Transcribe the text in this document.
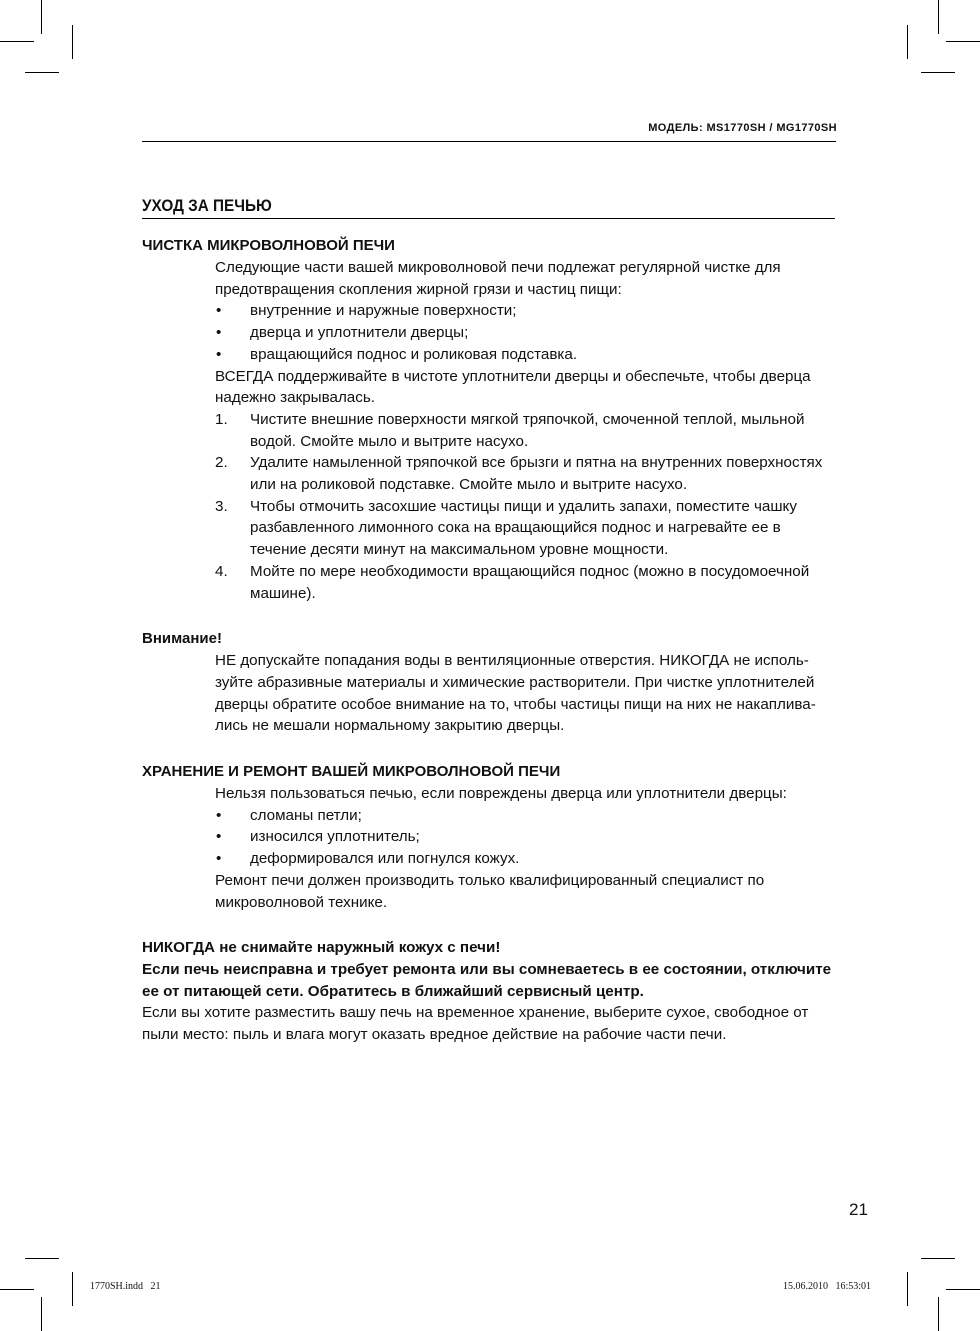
МОДЕЛЬ: MS1770SH / MG1770SH
УХОД ЗА ПЕЧЬЮ
ЧИСТКА МИКРОВОЛНОВОЙ ПЕЧИ

Следующие части вашей микроволновой печи подлежат регулярной чистке для предотвращения скопления жирной грязи и частиц пищи:

• внутренние и наружные поверхности;
• дверца и уплотнители дверцы;
• вращающийся поднос и роликовая подставка.

ВСЕГДА поддерживайте в чистоте уплотнители дверцы и обеспечьте, чтобы дверца надежно закрывалась.

1. Чистите внешние поверхности мягкой тряпочкой, смоченной теплой, мыльной водой. Смойте мыло и вытрите насухо.
2. Удалите намыленной тряпочкой все брызги и пятна на внутренних поверхностях или на роликовой подставке. Смойте мыло и вытрите насухо.
3. Чтобы отмочить засохшие частицы пищи и удалить запахи, поместите чашку разбавленного лимонного сока на вращающийся поднос и нагревайте ее в течение десяти минут на максимальном уровне мощности.
4. Мойте по мере необходимости вращающийся поднос (можно в посудомоечной машине).
Внимание!

НЕ допускайте попадания воды в вентиляционные отверстия. НИКОГДА не используйте абразивные материалы и химические растворители. При чистке уплотнителей дверцы обратите особое внимание на то, чтобы частицы пищи на них не накапливались не мешали нормальному закрытию дверцы.

ХРАНЕНИЕ И РЕМОНТ ВАШЕЙ МИКРОВОЛНОВОЙ ПЕЧИ

Нельзя пользоваться печью, если повреждены дверца или уплотнители дверцы:

• сломаны петли;
• износился уплотнитель;
• деформировался или погнулся кожух.

Ремонт печи должен производить только квалифицированный специалист по микроволновой технике.

НИКОГДА не снимайте наружный кожух с печи!

Если печь неисправна и требует ремонта или вы сомневаетесь в ее состоянии, отключите ее от питающей сети. Обратитесь в ближайший сервисный центр.

Если вы хотите разместить вашу печь на временное хранение, выберите сухое, свободное от пыли место: пыль и влага могут оказать вредное действие на рабочие части печи.

21
1770SH.indd   21	15.06.2010   16:53:01
